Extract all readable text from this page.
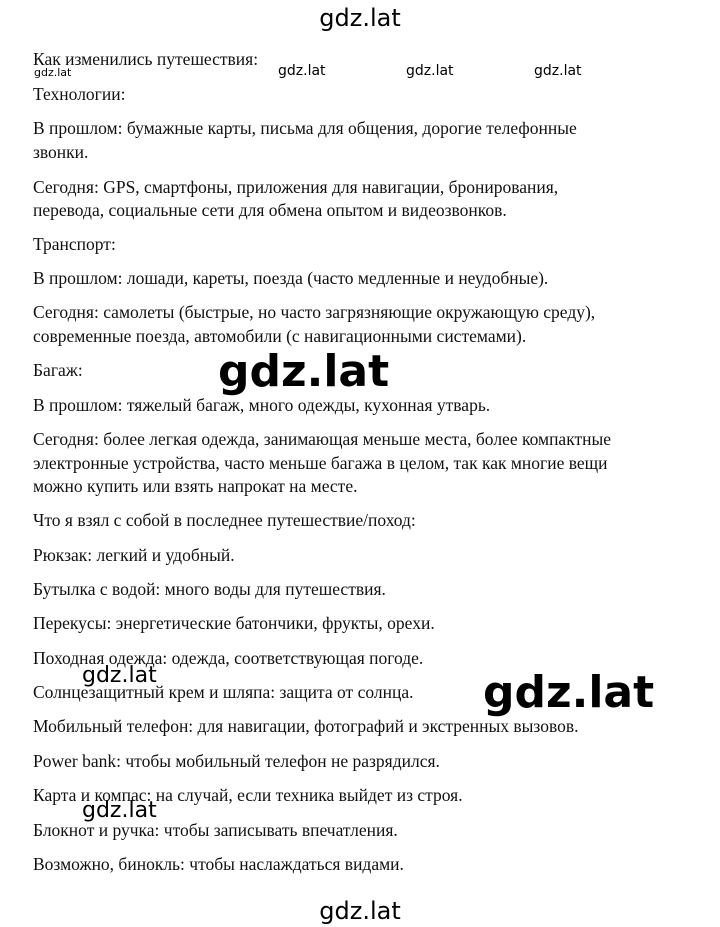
Как изменились путешествия:
Технологии:
В прошлом: бумажные карты, письма для общения, дорогие телефонные
звонки.
Сегодня: GPS, смартфоны, приложения для навигации, бронирования,
перевода, социальные сети для обмена опытом и видеозвонков.
Транспорт:
В прошлом: лошади, кареты, поезда (часто медленные и неудобные).
Сегодня: самолеты (быстрые, но часто загрязняющие окружающую среду),
современные поезда, автомобили (с навигационными системами).
Багаж:
В прошлом: тяжелый багаж, много одежды, кухонная утварь.
Сегодня: более легкая одежда, занимающая меньше места, более компактные
электронные устройства, часто меньше багажа в целом, так как многие вещи
можно купить или взять напрокат на месте.
Что я взял с собой в последнее путешествие/поход:
Рюкзак: легкий и удобный.
Бутылка с водой: много воды для путешествия.
Перекусы: энергетические батончики, фрукты, орехи.
Походная одежда: одежда, соответствующая погоде.
Солнцезащитный крем и шляпа: защита от солнца.
Мобильный телефон: для навигации, фотографий и экстренных вызовов.
Power bank: чтобы мобильный телефон не разрядился.
Карта и компас: на случай, если техника выйдет из строя.
Блокнот и ручка: чтобы записывать впечатления.
Возможно, бинокль: чтобы наслаждаться видами.
gdz.lat
gdz.lat	gdz.lat	gdz.lat	gdz.lat
gdz.lat
gdz.lat	gdz.lat
gdz.lat
gdz.lat
